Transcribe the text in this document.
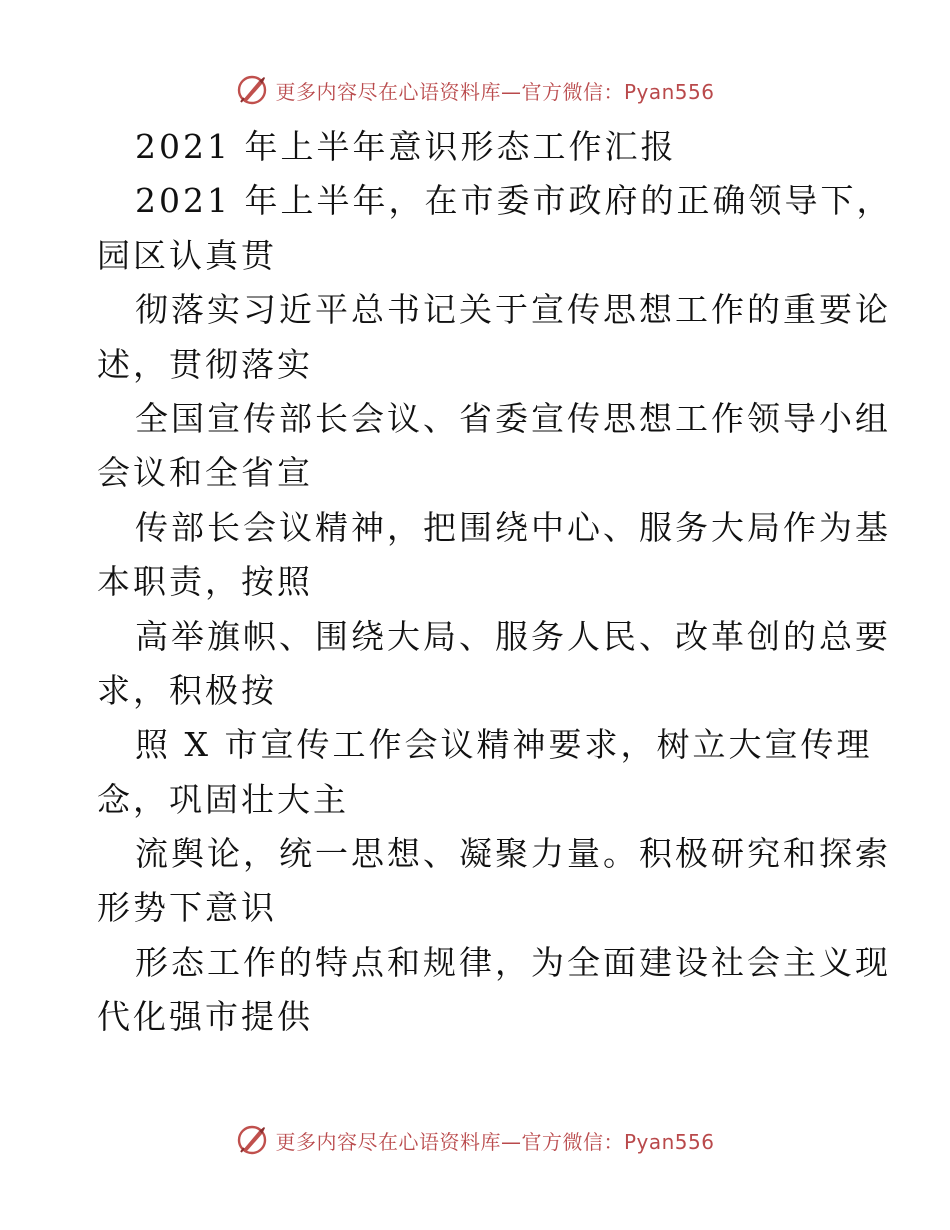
更多内容尽在心语资料库—官方微信：Pyan556
2021 年上半年意识形态工作汇报
2021 年上半年，在市委市政府的正确领导下，
园区认真贯
彻落实习近平总书记关于宣传思想工作的重要论
述，贯彻落实
全国宣传部长会议、省委宣传思想工作领导小组
会议和全省宣
传部长会议精神，把围绕中心、服务大局作为基
本职责，按照
高举旗帜、围绕大局、服务人民、改革创的总要
求，积极按
照 X 市宣传工作会议精神要求，树立大宣传理
念，巩固壮大主
流舆论，统一思想、凝聚力量。积极研究和探索
形势下意识
形态工作的特点和规律，为全面建设社会主义现
代化强市提供
更多内容尽在心语资料库—官方微信：Pyan556
